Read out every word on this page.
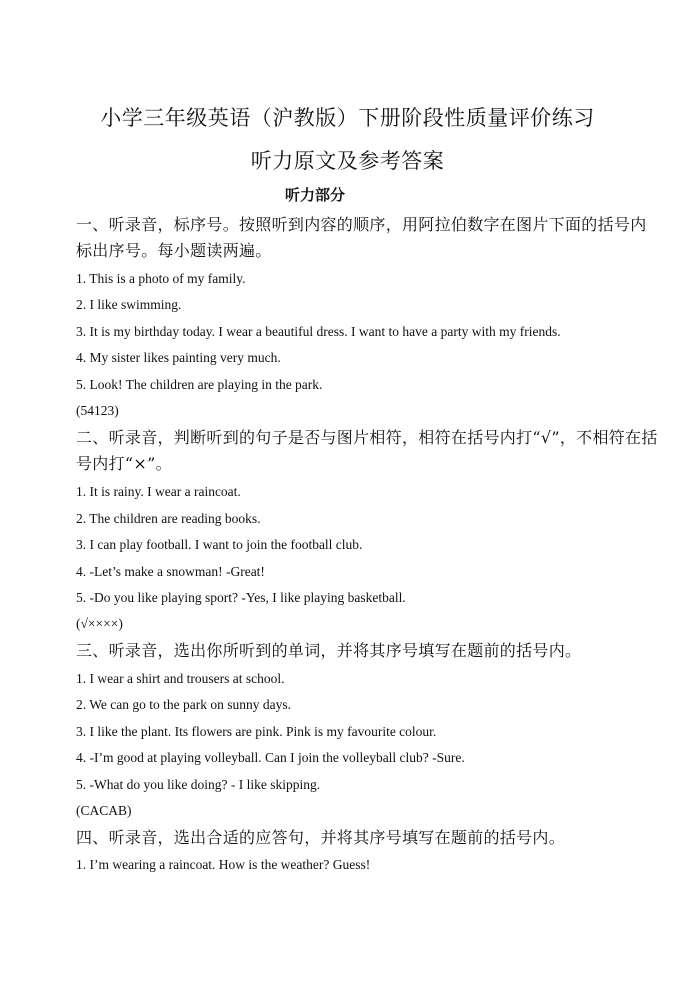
小学三年级英语（沪教版）下册阶段性质量评价练习
听力原文及参考答案
听力部分
一、听录音，标序号。按照听到内容的顺序，用阿拉伯数字在图片下面的括号内标出序号。每小题读两遍。
1. This is a photo of my family.
2. I like swimming.
3. It is my birthday today. I wear a beautiful dress. I want to have a party with my friends.
4. My sister likes painting very much.
5. Look! The children are playing in the park.
(54123)
二、听录音，判断听到的句子是否与图片相符，相符在括号内打“√”，不相符在括号内打“×”。
1. It is rainy. I wear a raincoat.
2. The children are reading books.
3. I can play football. I want to join the football club.
4. -Let’s make a snowman! -Great!
5. -Do you like playing sport? -Yes, I like playing basketball.
(√××××)
三、听录音，选出你所听到的单词，并将其序号填写在题前的括号内。
1. I wear a shirt and trousers at school.
2. We can go to the park on sunny days.
3. I like the plant. Its flowers are pink. Pink is my favourite colour.
4. -I’m good at playing volleyball. Can I join the volleyball club? -Sure.
5. -What do you like doing? - I like skipping.
(CACAB)
四、听录音，选出合适的应答句，并将其序号填写在题前的括号内。
1. I’m wearing a raincoat. How is the weather? Guess!
